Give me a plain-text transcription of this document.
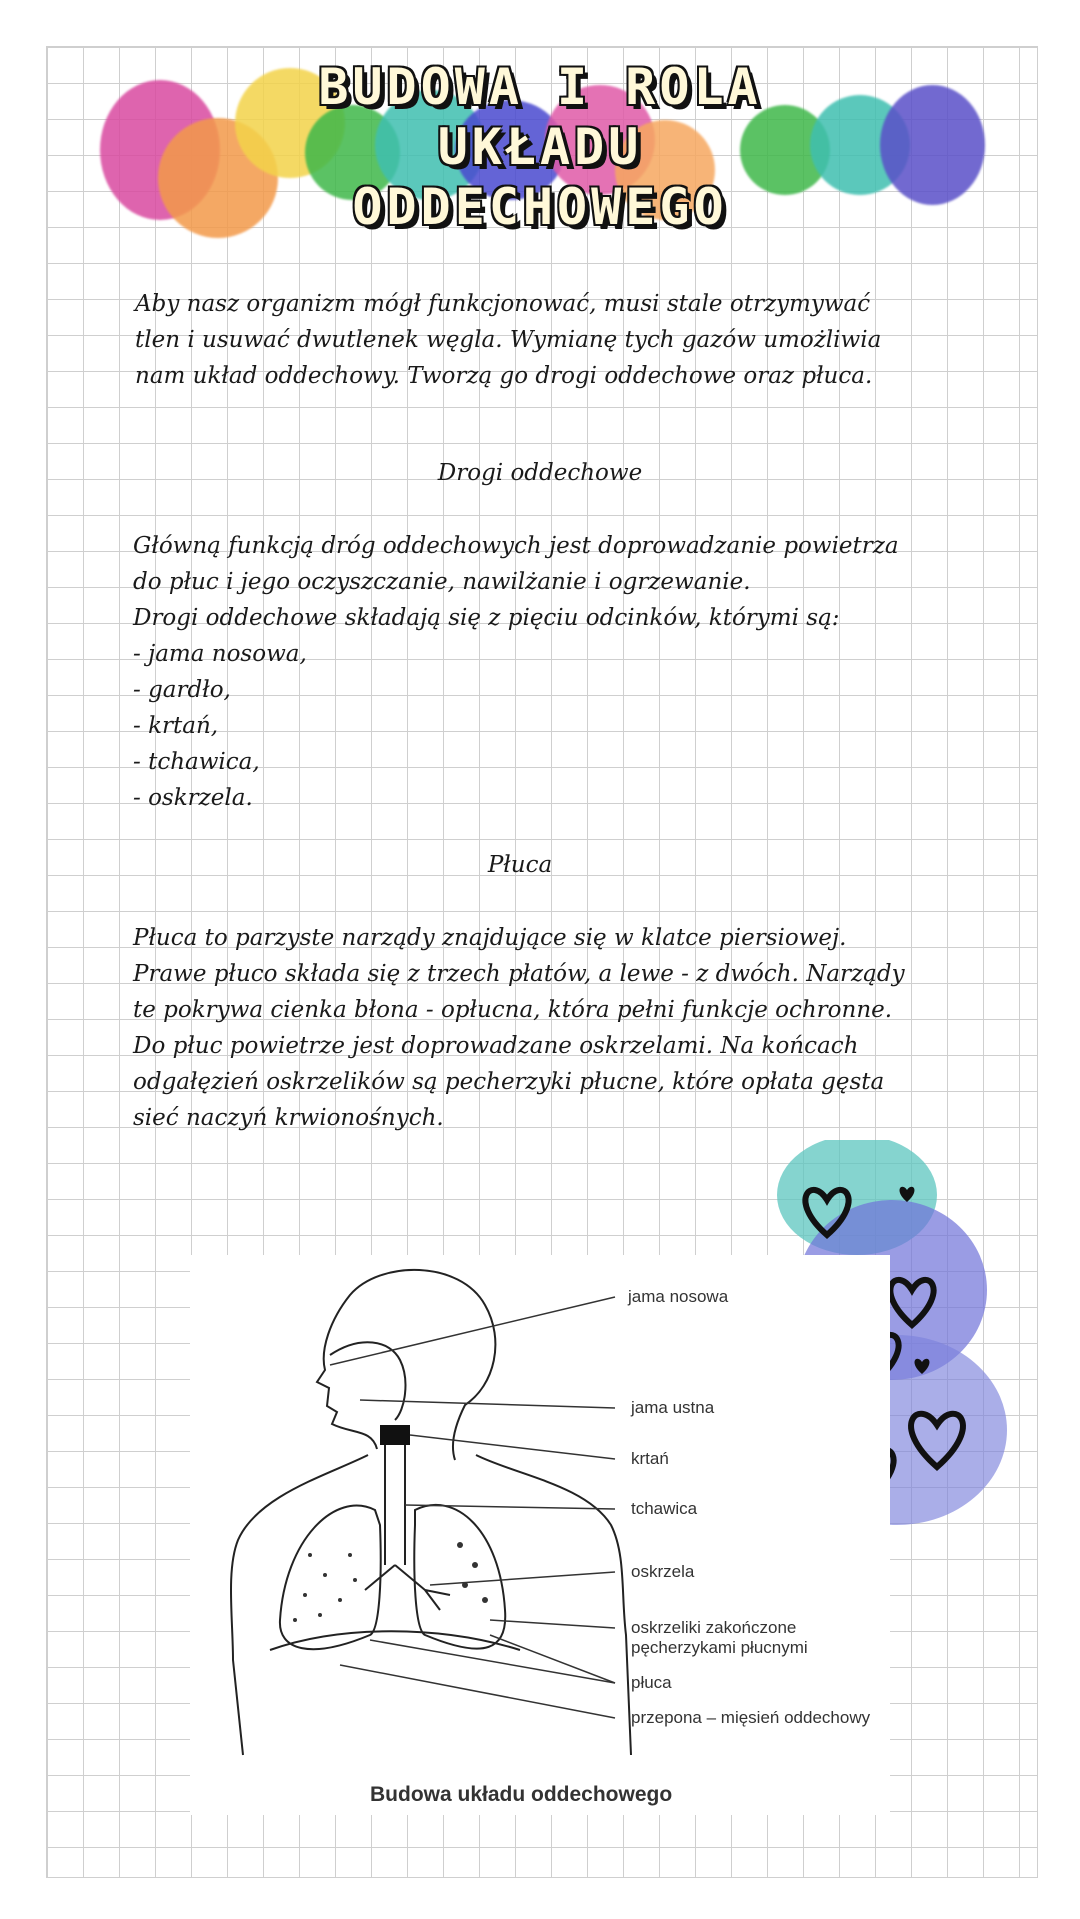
BUDOWA I ROLA
UKŁADU
ODDECHOWEGO

Aby nasz organizm mógł funkcjonować, musi stale otrzymywać

tlen i usuwać dwutlenek węgla. Wymianę tych gazów umożliwia

nam układ oddechowy. Tworzą go drogi oddechowe oraz płuca.

Drogi oddechowe

Główną funkcją dróg oddechowych jest doprowadzanie powietrza

do płuc i jego oczyszczanie, nawilżanie i ogrzewanie.

Drogi oddechowe składają się z pięciu odcinków, którymi są:

- jama nosowa,

- gardło,

- krtań,

- tchawica,

- oskrzela.

Płuca

Płuca to parzyste narządy znajdujące się w klatce piersiowej.

Prawe płuco składa się z trzech płatów, a lewe - z dwóch. Narządy

te pokrywa cienka błona - opłucna, która pełni funkcje ochronne.

Do płuc powietrze jest doprowadzane oskrzelami. Na końcach

odgałęzień oskrzelików są pecherzyki płucne, które opłata gęsta

sieć naczyń krwionośnych.

jama nosowa
jama ustna
krtań
tchawica
oskrzela
oskrzeliki zakończone
pęcherzykami płucnymi
płuca
przepona – mięsień oddechowy
Budowa układu oddechowego
